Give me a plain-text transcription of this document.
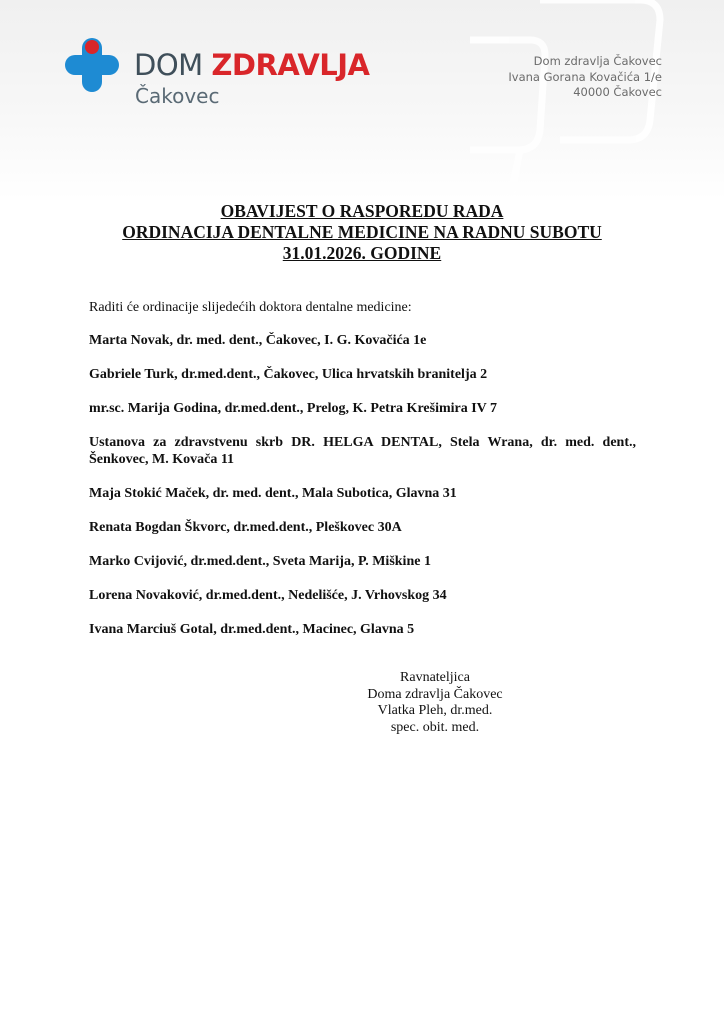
DOM ZDRAVLJA
Čakovec
Dom zdravlja Čakovec
Ivana Gorana Kovačića 1/e
40000 Čakovec
OBAVIJEST O RASPOREDU RADA
ORDINACIJA DENTALNE MEDICINE NA RADNU SUBOTU
31.01.2026. GODINE

Raditi će ordinacije slijedećih doktora dentalne medicine:

Marta Novak, dr. med. dent., Čakovec, I. G. Kovačića 1e

Gabriele Turk, dr.med.dent., Čakovec, Ulica hrvatskih branitelja 2

mr.sc. Marija Godina, dr.med.dent., Prelog, K. Petra Krešimira IV 7

Ustanova za zdravstvenu skrb DR. HELGA DENTAL, Stela Wrana, dr. med. dent., Šenkovec, M. Kovača 11

Maja Stokić Maček, dr. med. dent., Mala Subotica, Glavna 31

Renata Bogdan Škvorc, dr.med.dent., Pleškovec 30A

Marko Cvijović, dr.med.dent., Sveta Marija, P. Miškine 1

Lorena Novaković, dr.med.dent., Nedelišće, J. Vrhovskog 34

Ivana Marciuš Gotal, dr.med.dent., Macinec, Glavna 5

Ravnateljica
Doma zdravlja Čakovec
Vlatka Pleh, dr.med.
spec. obit. med.
